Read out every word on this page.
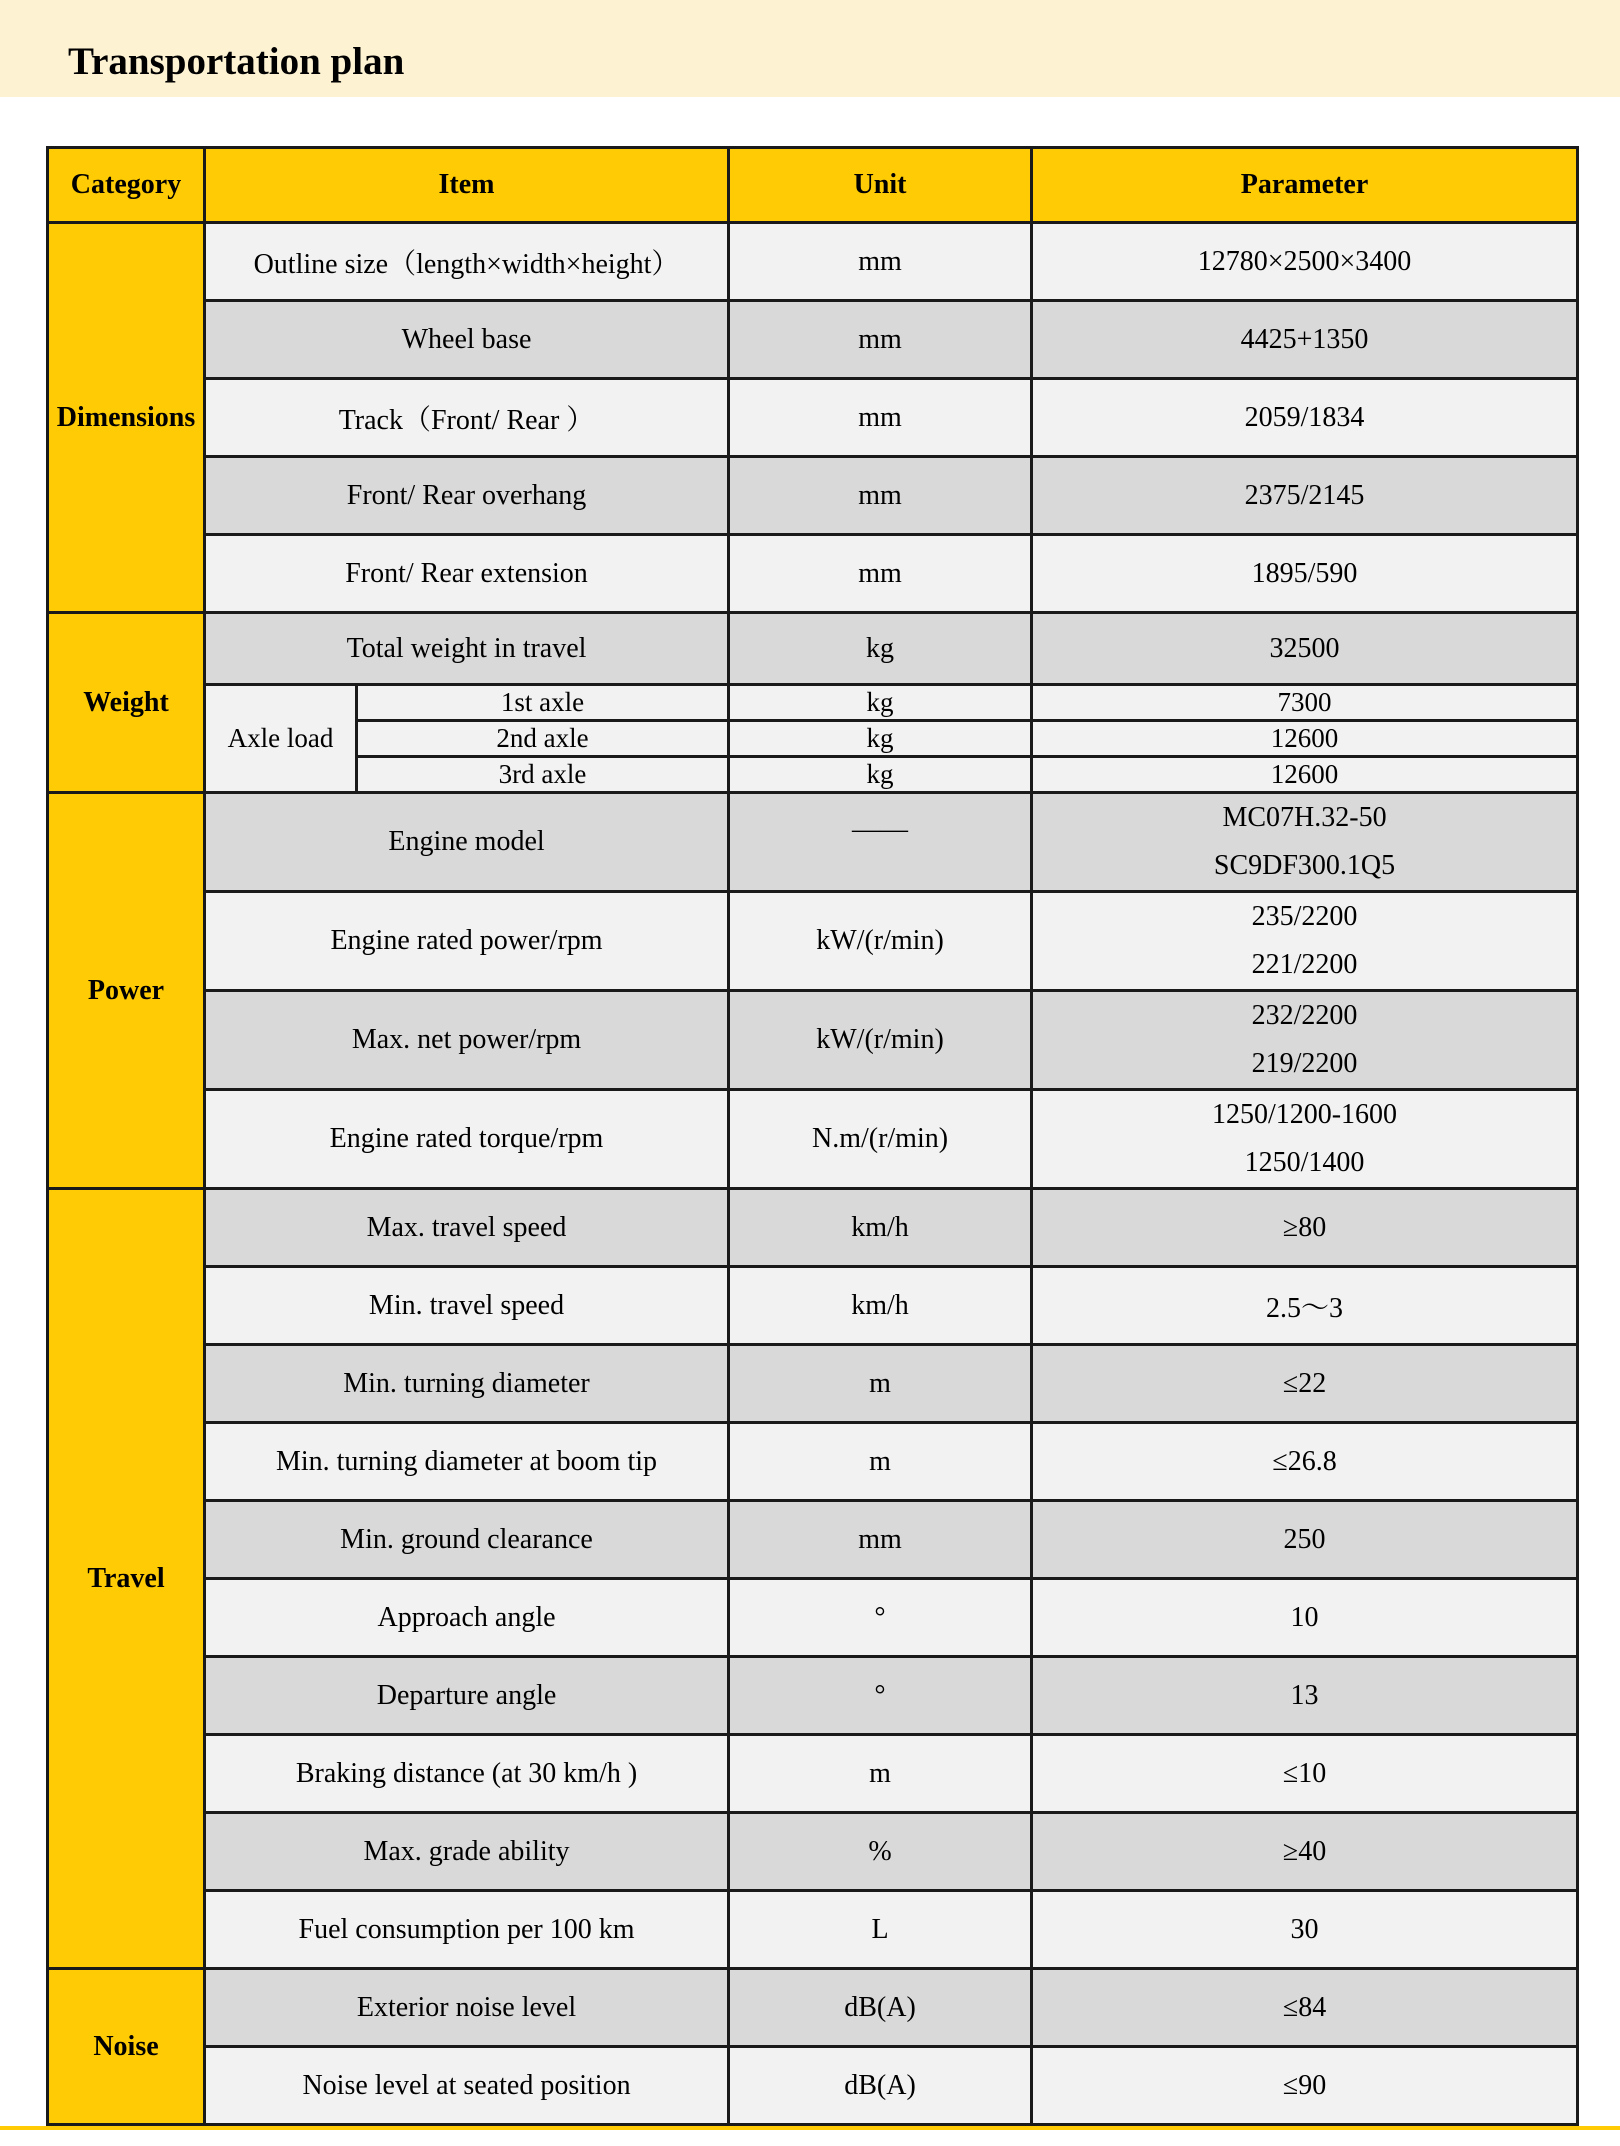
Transportation plan
Category	Item		Unit	Parameter
Dimensions	Outline size（length×width×height）		mm	12780×2500×3400
	Wheel base		mm	4425+1350
	Track（Front/ Rear ）		mm	2059/1834
	Front/ Rear overhang		mm	2375/2145
	Front/ Rear extension		mm	1895/590
Weight	Total weight in travel		kg	32500
	Axle load	1st axle	kg	7300
		2nd axle	kg	12600
		3rd axle	kg	12600
Power	Engine model		——	MC07H.32-50
SC9DF300.1Q5

	Engine rated power/rpm		kW/(r/min)	235/2200
221/2200

	Max. net power/rpm		kW/(r/min)	232/2200
219/2200

	Engine rated torque/rpm		N.m/(r/min)	1250/1200-1600
1250/1400

Travel	Max. travel speed		km/h	≥80
	Min. travel speed		km/h	2.5～3
	Min. turning diameter		m	≤22
	Min. turning diameter at boom tip		m	≤26.8
	Min. ground clearance		mm	250
	Approach angle		°	10
	Departure angle		°	13
	Braking distance (at 30 km/h )		m	≤10
	Max. grade ability		%	≥40
	Fuel consumption per 100 km		L	30
Noise	Exterior noise level		dB(A)	≤84
	Noise level at seated position		dB(A)	≤90
